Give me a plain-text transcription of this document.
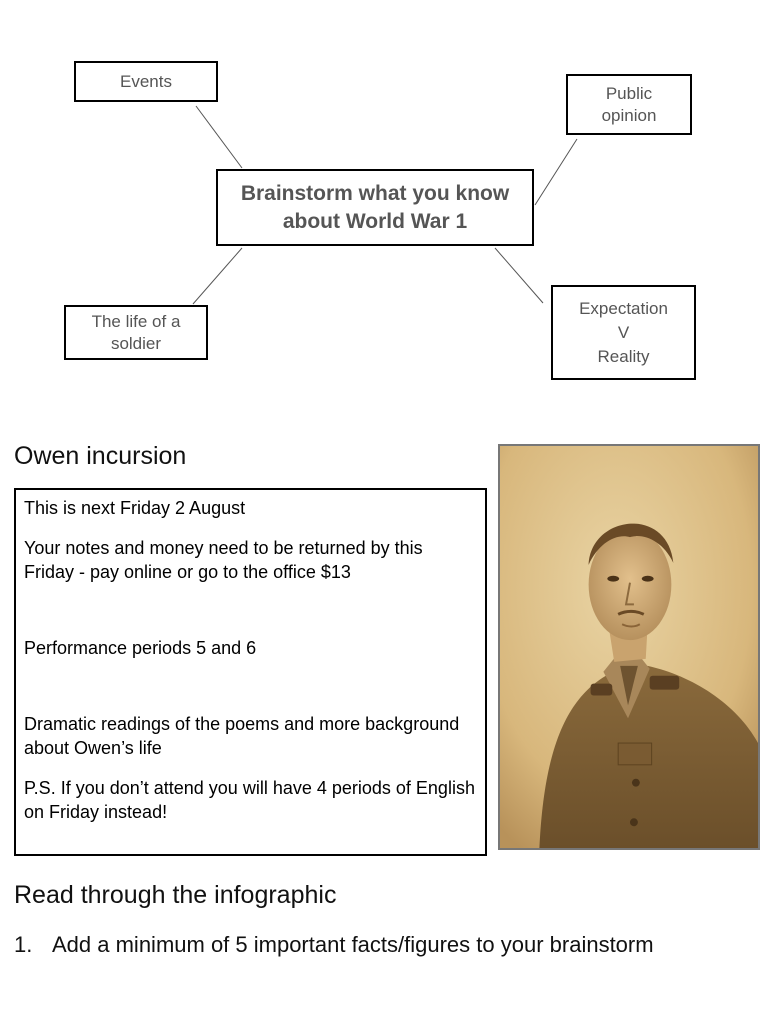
Events
Public
opinion
Brainstorm what you know
about World War 1
The life of a
soldier
Expectation
V
Reality
Owen incursion

This is next Friday 2 August

Your notes and money need to be returned by this Friday - pay online or go to the office $13

Performance periods 5 and 6

Dramatic readings of the poems and more background about Owen’s life

P.S. If you don’t attend you will have 4 periods of English on Friday instead!

Read through the infographic
1. Add a minimum of 5 important facts/figures to your brainstorm
